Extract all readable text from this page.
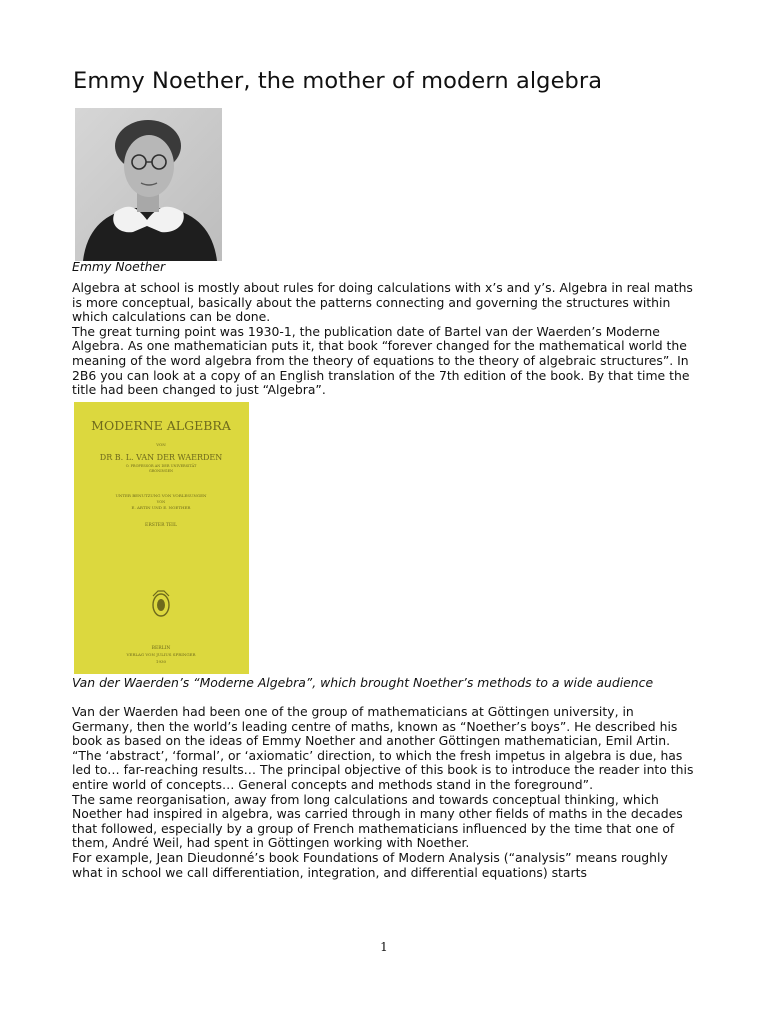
Emmy Noether, the mother of modern algebra

Emmy Noether

Algebra at school is mostly about rules for doing calculations with x’s and y’s. Algebra in real maths is more conceptual, basically about the patterns connecting and governing the structures within which calculations can be done.

The great turning point was 1930-1, the publication date of Bartel van der Waerden’s Moderne Algebra. As one mathematician puts it, that book “forever changed for the mathematical world the meaning of the word algebra from the theory of equations to the theory of algebraic structures”. In 2B6 you can look at a copy of an English translation of the 7th edition of the book. By that time the title had been changed to just “Algebra”.

MODERNE ALGEBRA
VON
DR B. L. VAN DER WAERDEN
O. PROFESSOR AN DER UNIVERSITÄT
GRONINGEN
UNTER BENUTZUNG VON VORLESUNGEN
VON
E. ARTIN UND E. NOETHER
ERSTER TEIL
BERLIN
VERLAG VON JULIUS SPRINGER
1930

Van der Waerden’s “Moderne Algebra”, which brought Noether’s methods to a wide audience

Van der Waerden had been one of the group of mathematicians at Göttingen university, in Germany, then the world’s leading centre of maths, known as “Noether’s boys”. He described his book as based on the ideas of Emmy Noether and another Göttingen mathematician, Emil Artin.

“The ‘abstract’, ‘formal’, or ‘axiomatic’ direction, to which the fresh impetus in algebra is due, has led to… far-reaching results… The principal objective of this book is to introduce the reader into this entire world of concepts… General concepts and methods stand in the foreground”.

The same reorganisation, away from long calculations and towards conceptual thinking, which Noether had inspired in algebra, was carried through in many other fields of maths in the decades that followed, especially by a group of French mathematicians influenced by the time that one of them, André Weil, had spent in Göttingen working with Noether.

For example, Jean Dieudonné’s book Foundations of Modern Analysis (“analysis” means roughly what in school we call differentiation, integration, and differential equations) starts

1
